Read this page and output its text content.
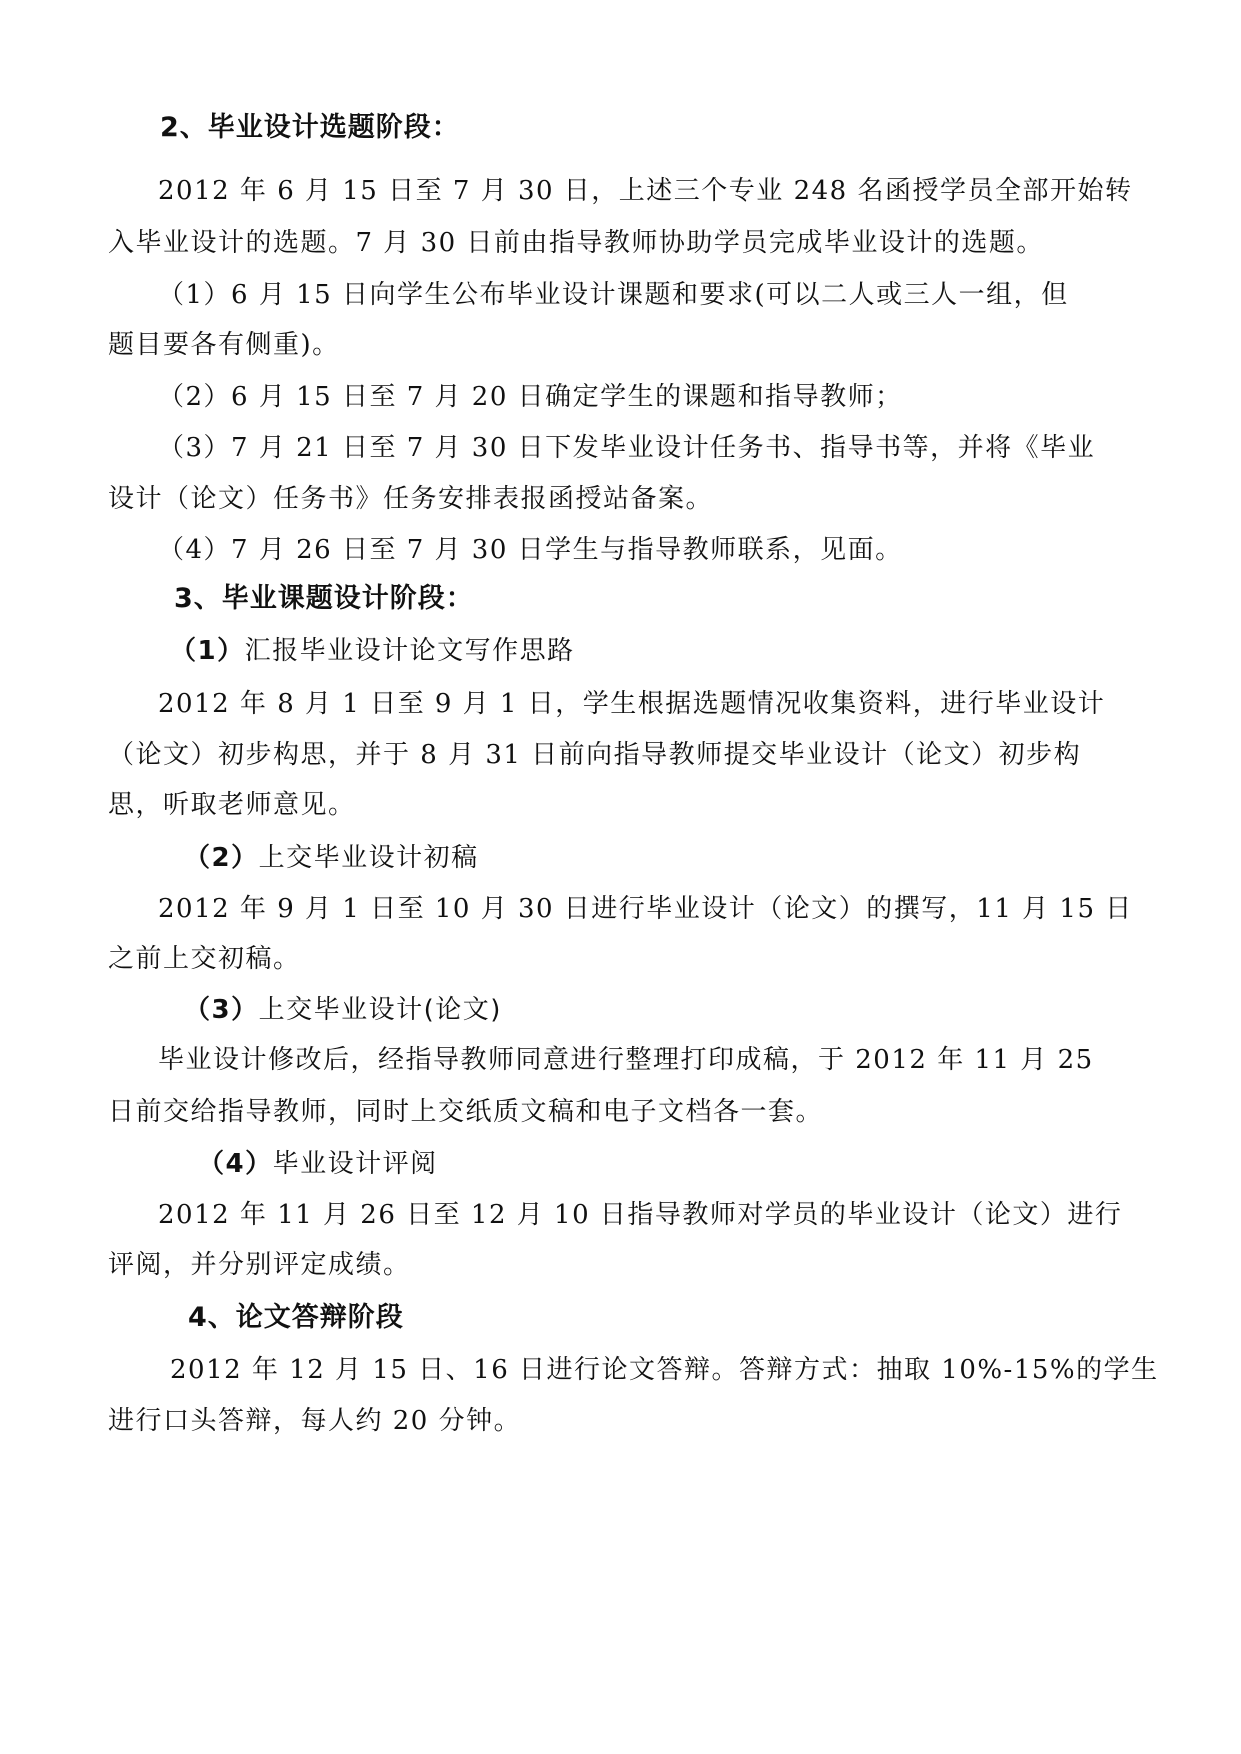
2、毕业设计选题阶段：
2012 年 6 月 15 日至 7 月 30 日，上述三个专业 248 名函授学员全部开始转
入毕业设计的选题。7 月 30 日前由指导教师协助学员完成毕业设计的选题。
（1）6 月 15 日向学生公布毕业设计课题和要求(可以二人或三人一组，但
题目要各有侧重)。
（2）6 月 15 日至 7 月 20 日确定学生的课题和指导教师；
（3）7 月 21 日至 7 月 30 日下发毕业设计任务书、指导书等，并将《毕业
设计（论文）任务书》任务安排表报函授站备案。
（4）7 月 26 日至 7 月 30 日学生与指导教师联系，见面。
3、毕业课题设计阶段：
（1）汇报毕业设计论文写作思路
2012 年 8 月 1 日至 9 月 1 日，学生根据选题情况收集资料，进行毕业设计
（论文）初步构思，并于 8 月 31 日前向指导教师提交毕业设计（论文）初步构
思，听取老师意见。
（2）上交毕业设计初稿
2012 年 9 月 1 日至 10 月 30 日进行毕业设计（论文）的撰写，11 月 15 日
之前上交初稿。
（3）上交毕业设计(论文)
毕业设计修改后，经指导教师同意进行整理打印成稿，于 2012 年 11 月 25
日前交给指导教师，同时上交纸质文稿和电子文档各一套。
（4）毕业设计评阅
2012 年 11 月 26 日至 12 月 10 日指导教师对学员的毕业设计（论文）进行
评阅，并分别评定成绩。
4、论文答辩阶段
2012 年 12 月 15 日、16 日进行论文答辩。答辩方式：抽取 10%-15%的学生
进行口头答辩，每人约 20 分钟。
